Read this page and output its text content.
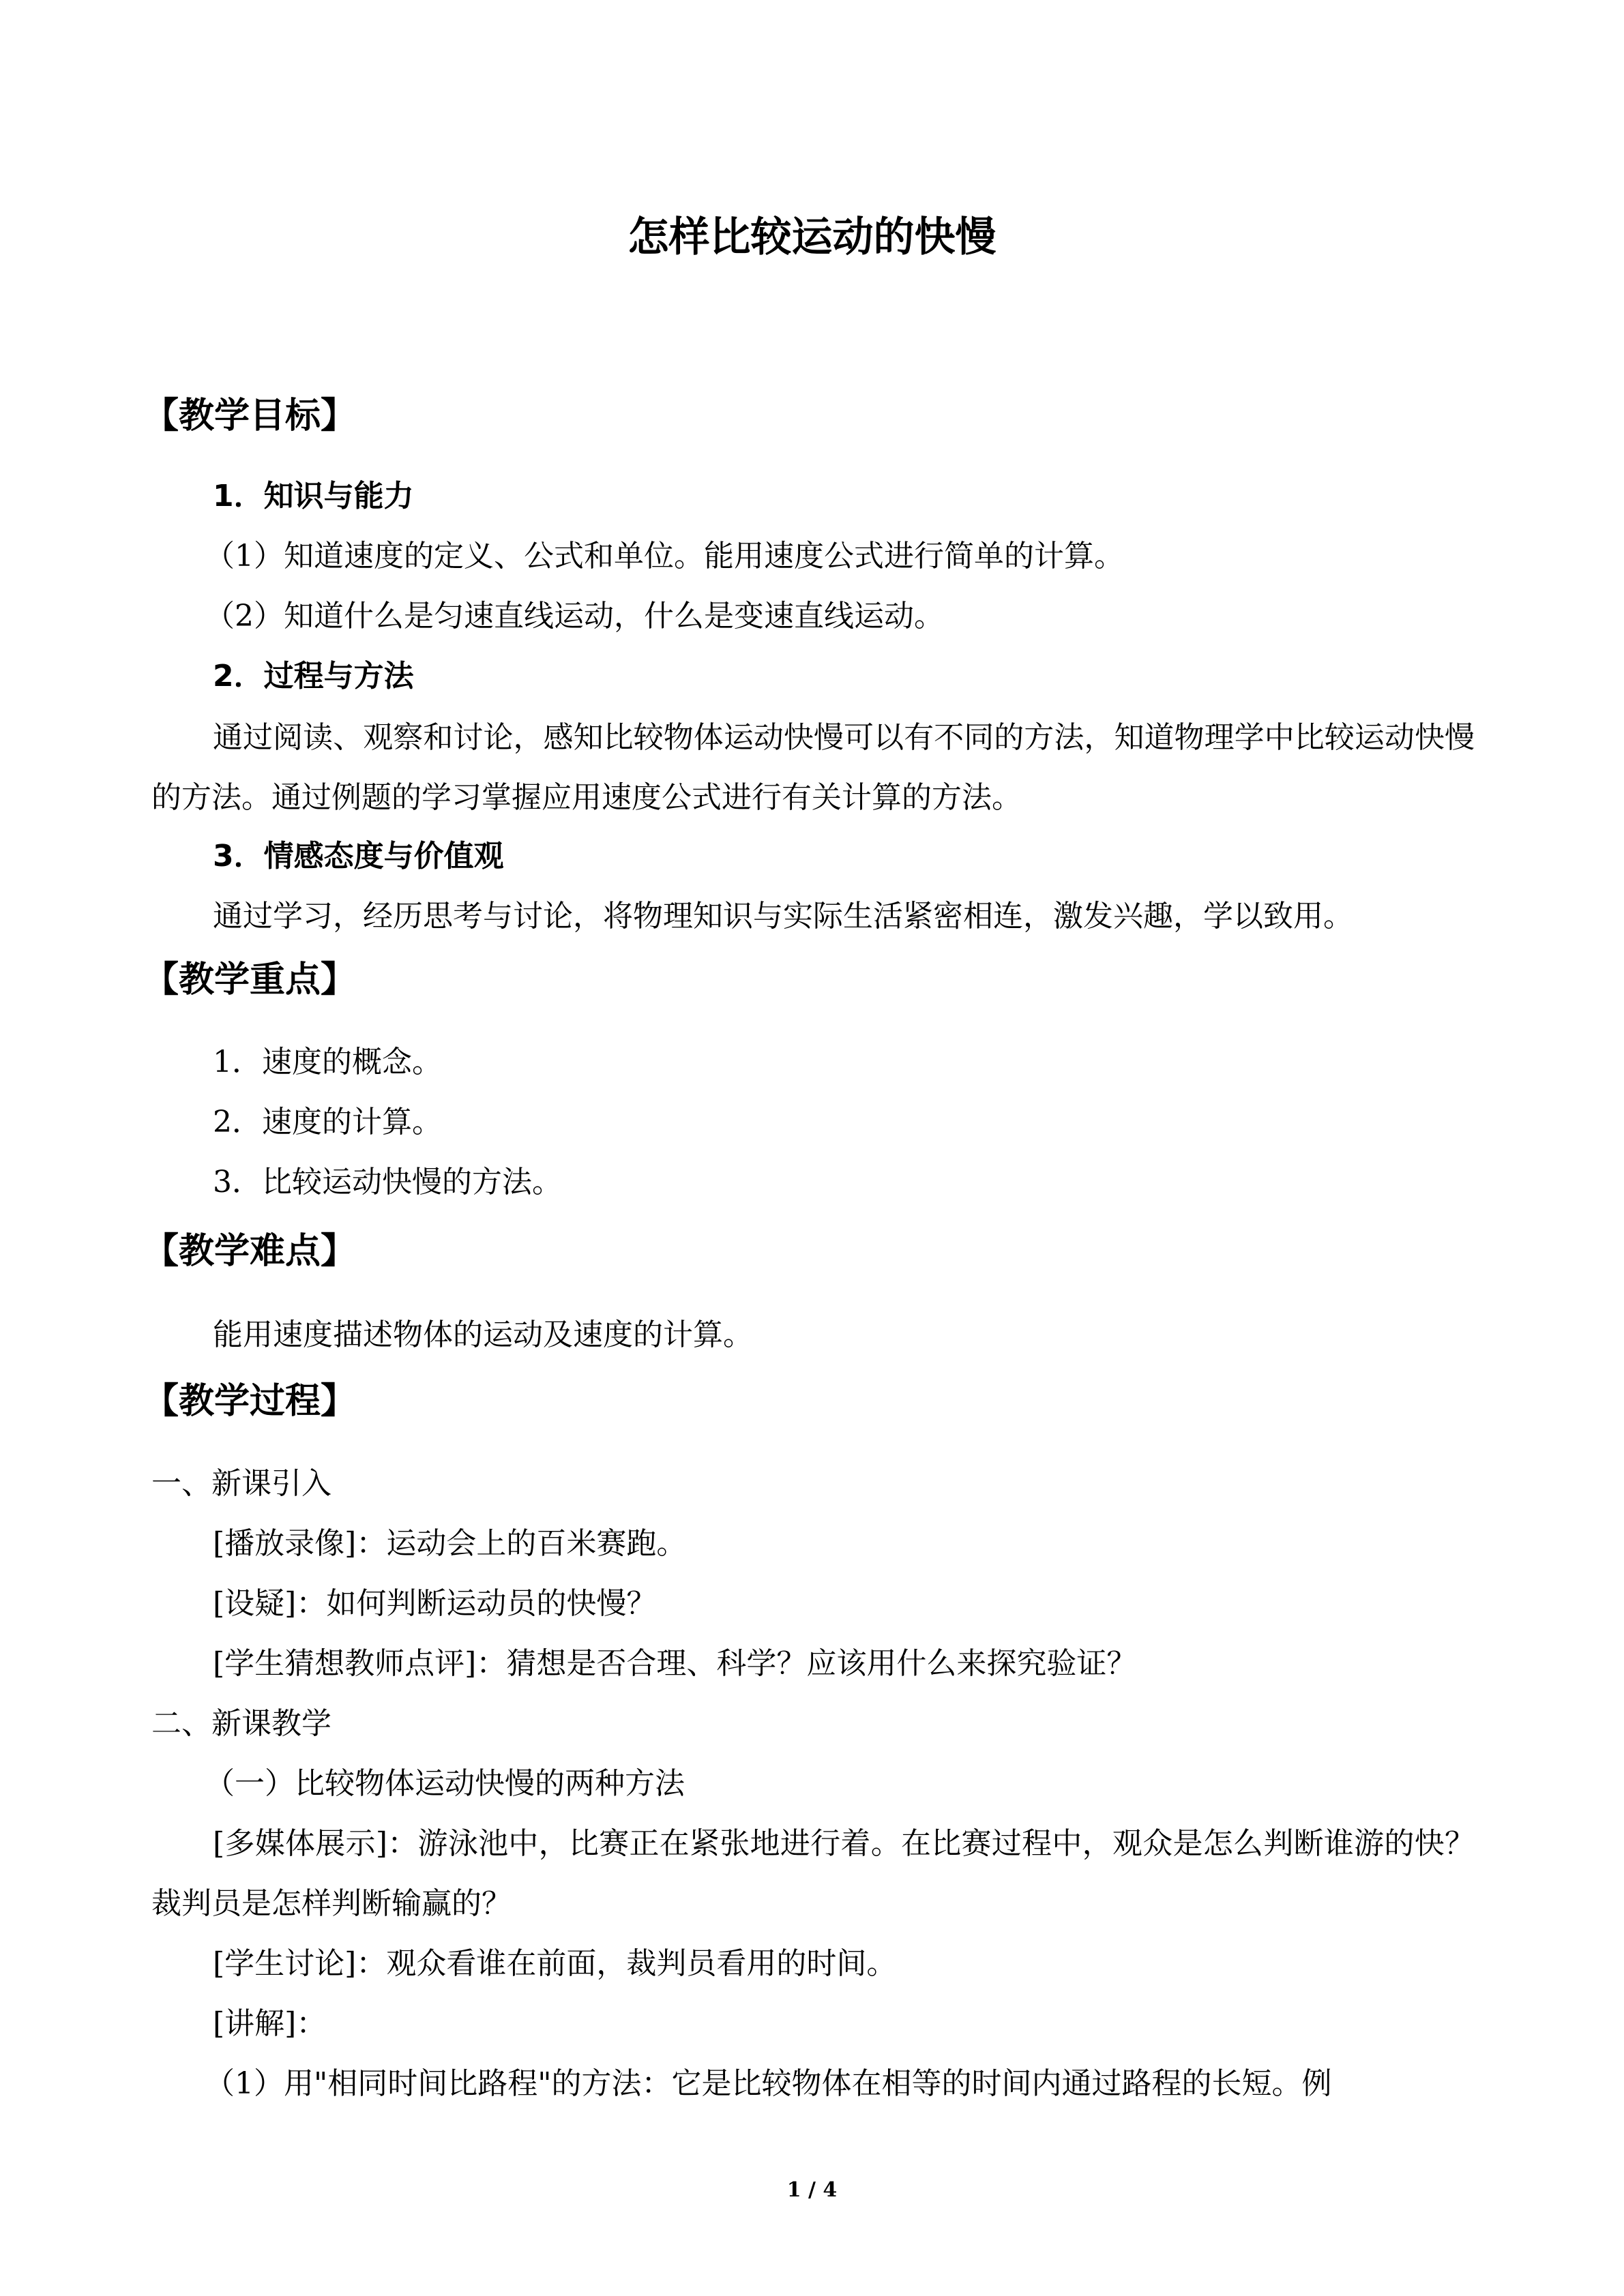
怎样比较运动的快慢
【教学目标】
1．知识与能力
（1）知道速度的定义、公式和单位。能用速度公式进行简单的计算。
（2）知道什么是匀速直线运动，什么是变速直线运动。
2．过程与方法
通过阅读、观察和讨论，感知比较物体运动快慢可以有不同的方法，知道物理学中比较运动快慢的方法。通过例题的学习掌握应用速度公式进行有关计算的方法。
3．情感态度与价值观
通过学习，经历思考与讨论，将物理知识与实际生活紧密相连，激发兴趣，学以致用。
【教学重点】
1．速度的概念。
2．速度的计算。
3．比较运动快慢的方法。
【教学难点】
能用速度描述物体的运动及速度的计算。
【教学过程】
一、新课引入
[播放录像]：运动会上的百米赛跑。
[设疑]：如何判断运动员的快慢？
[学生猜想教师点评]：猜想是否合理、科学？应该用什么来探究验证？
二、新课教学
（一）比较物体运动快慢的两种方法
[多媒体展示]：游泳池中，比赛正在紧张地进行着。在比赛过程中，观众是怎么判断谁游的快？裁判员是怎样判断输赢的？
[学生讨论]：观众看谁在前面，裁判员看用的时间。
[讲解]：
（1）用"相同时间比路程"的方法：它是比较物体在相等的时间内通过路程的长短。例
1 / 4
